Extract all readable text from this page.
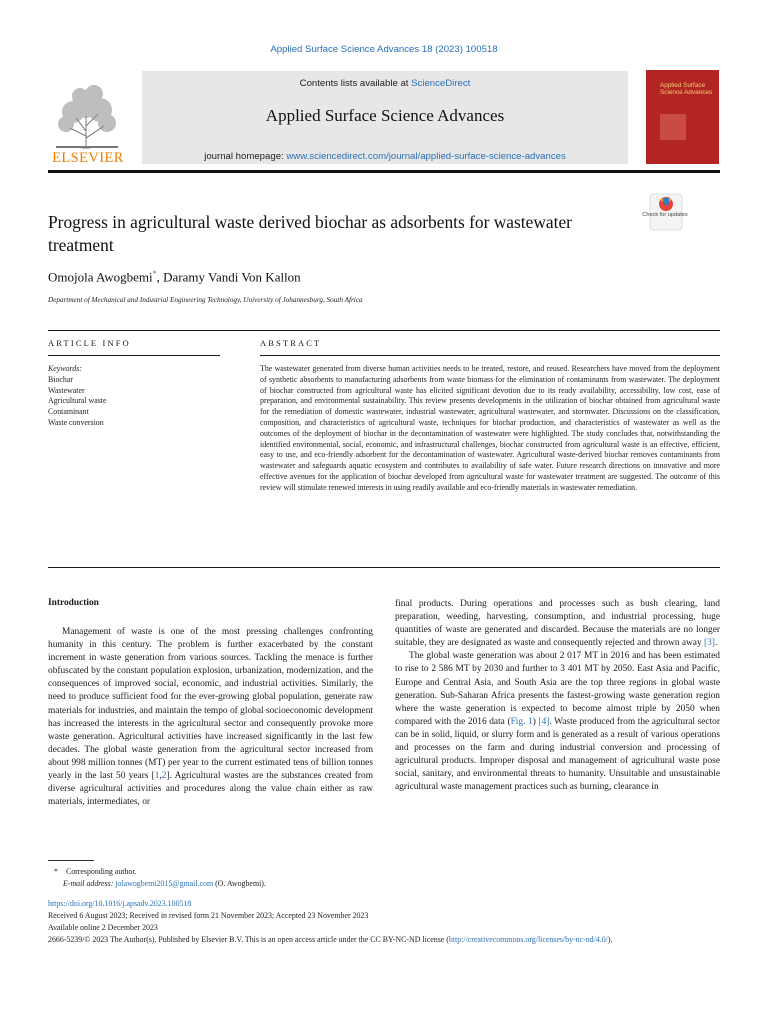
Applied Surface Science Advances 18 (2023) 100518
ELSEVIER
Contents lists available at ScienceDirect
Applied Surface Science Advances
journal homepage: www.sciencedirect.com/journal/applied-surface-science-advances
Applied Surface Science Advances
Check for updates
Progress in agricultural waste derived biochar as adsorbents for wastewater treatment
Omojola Awogbemi*, Daramy Vandi Von Kallon
Department of Mechanical and Industrial Engineering Technology, University of Johannesburg, South Africa
ARTICLE INFO
Keywords:
Biochar
Wastewater
Agricultural waste
Contaminant
Waste conversion
ABSTRACT
The wastewater generated from diverse human activities needs to be treated, restore, and reused. Researchers have moved from the deployment of synthetic absorbents to manufacturing adsorbents from waste biomass for the elimination of contaminants from wastewater. The deployment of biochar constructed from agricultural waste has elicited significant devotion due to its ready availability, accessibility, low cost, ease of preparation, and environmental sustainability. This review presents developments in the utilization of biochar obtained from agricultural waste for the remediation of domestic wastewater, industrial wastewater, agricultural wastewater, and stormwater. Discussions on the classification, composition, and characteristics of agricultural waste, techniques for biochar production, and characteristics of wastewater as well as the outcomes of the deployment of biochar in the decontamination of wastewater were highlighted. The study concludes that, notwithstanding the identified environmental, social, economic, and infrastructural challenges, biochar constructed from agricultural waste is an effective, efficient, easy to use, and eco-friendly adsorbent for the decontamination of wastewater. Agricultural waste-derived biochar removes contaminants from wastewater and safeguards aquatic ecosystem and contributes to availability of safe water. Future research directions on innovative and more effective avenues for the application of biochar developed from agricultural waste for wastewater treatment are suggested. The outcome of this review will stimulate renewed interests in using readily available and eco-friendly materials in wastewater remediation.
Introduction

Management of waste is one of the most pressing challenges confronting humanity in this century. The problem is further exacerbated by the constant increment in waste generation from various sources. Tackling the menace is further obfuscated by the constant population explosion, urbanization, modernization, and the consequences of improved social, economic, and industrial activities. Similarly, the need to produce sufficient food for the ever-growing global population, generate raw materials for industries, and maintain the tempo of global socioeconomic development has increased the interests in the agricultural sector and consequently provoke more waste generation. Agricultural activities have increased significantly in the last few decades. The global waste generation from the agricultural sector increased from about 998 million tonnes (MT) per year to the current estimated tens of billion tonnes yearly in the last 50 years [1,2]. Agricultural wastes are the substances created from diverse agricultural activities and procedures along the value chain either as raw materials, intermediates, or

final products. During operations and processes such as bush clearing, land preparation, weeding, harvesting, consumption, and industrial processing, huge quantities of waste are generated and discarded. Because the materials are no longer suitable, they are designated as waste and consequently rejected and thrown away [3].

The global waste generation was about 2 017 MT in 2016 and has been estimated to rise to 2 586 MT by 2030 and further to 3 401 MT by 2050. East Asia and Pacific, Europe and Central Asia, and South Asia are the top three regions in global waste generation. Sub-Saharan Africa presents the fastest-growing waste generation region where the waste generation is expected to become almost triple by 2050 when compared with the 2016 data (Fig. 1) [4]. Waste produced from the agricultural sector can be in solid, liquid, or slurry form and is generated as a result of various operations and processes on the farm and during industrial conversion and processing of agricultural products. Improper disposal and management of agricultural waste pose social, sanitary, and environmental threats to humanity. Unsuitable and unsustainable agricultural waste management practices such as burning, clearance in

* Corresponding author.
E-mail address: jolawogbemi2015@gmail.com (O. Awogbemi).
https://doi.org/10.1016/j.apsadv.2023.100518
Received 6 August 2023; Received in revised form 21 November 2023; Accepted 23 November 2023
Available online 2 December 2023
2666-5239/© 2023 The Author(s). Published by Elsevier B.V. This is an open access article under the CC BY-NC-ND license (http://creativecommons.org/licenses/by-nc-nd/4.0/).
